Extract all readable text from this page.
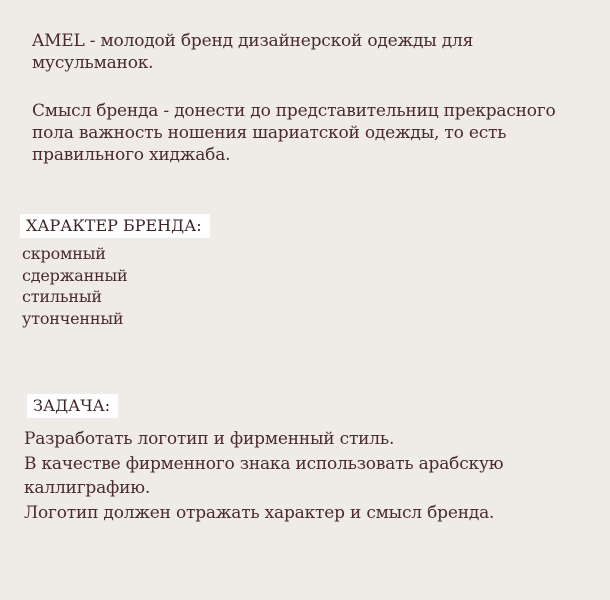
AMEL - молодой бренд дизайнерской одежды для
мусульманок.

Смысл бренда - донести до представительниц прекрасного
пола важность ношения шариатской одежды, то есть
правильного хиджаба.

ХАРАКТЕР БРЕНДА:
скромный
сдержанный
стильный
утонченный
ЗАДАЧА:

Разработать логотип и фирменный стиль.
В качестве фирменного знака использовать арабскую
каллиграфию.
Логотип должен отражать характер и смысл бренда.
